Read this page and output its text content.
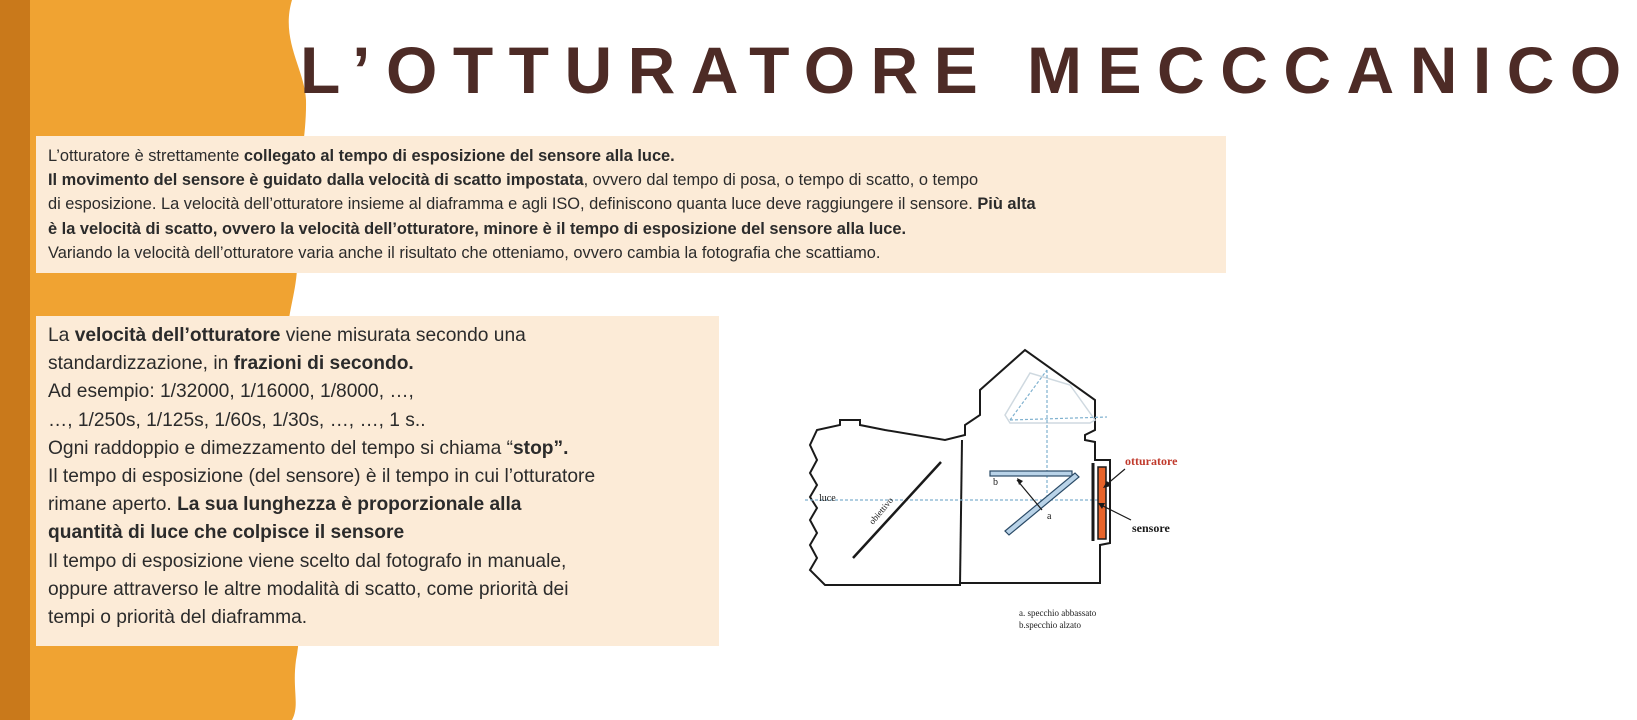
L’OTTURATORE MECCCANICO

L’otturatore è strettamente collegato al tempo di esposizione del sensore alla luce.

Il movimento del sensore è guidato dalla velocità di scatto impostata, ovvero dal tempo di posa, o tempo di scatto, o tempo

di esposizione. La velocità dell’otturatore insieme al diaframma e agli ISO, definiscono quanta luce deve raggiungere il sensore. Più alta

è la velocità di scatto, ovvero la velocità dell’otturatore, minore è il tempo di esposizione del sensore alla luce.

Variando la velocità dell’otturatore varia anche il risultato che otteniamo, ovvero cambia la fotografia che scattiamo.

La velocità dell’otturatore viene misurata secondo una

standardizzazione, in frazioni di secondo.

Ad esempio: 1/32000, 1/16000, 1/8000, …,

…, 1/250s, 1/125s, 1/60s, 1/30s, …, …, 1 s..

Ogni raddoppio e dimezzamento del tempo si chiama “stop”.

Il tempo di esposizione (del sensore) è il tempo in cui l’otturatore

rimane aperto. La sua lunghezza è proporzionale alla

quantità di luce che colpisce il sensore

Il tempo di esposizione viene scelto dal fotografo in manuale,

oppure attraverso le altre modalità di scatto, come priorità dei

tempi o priorità del diaframma.

luce	obiettivo
b
a
otturatore
sensore
a. specchio abbassato
b.specchio alzato
